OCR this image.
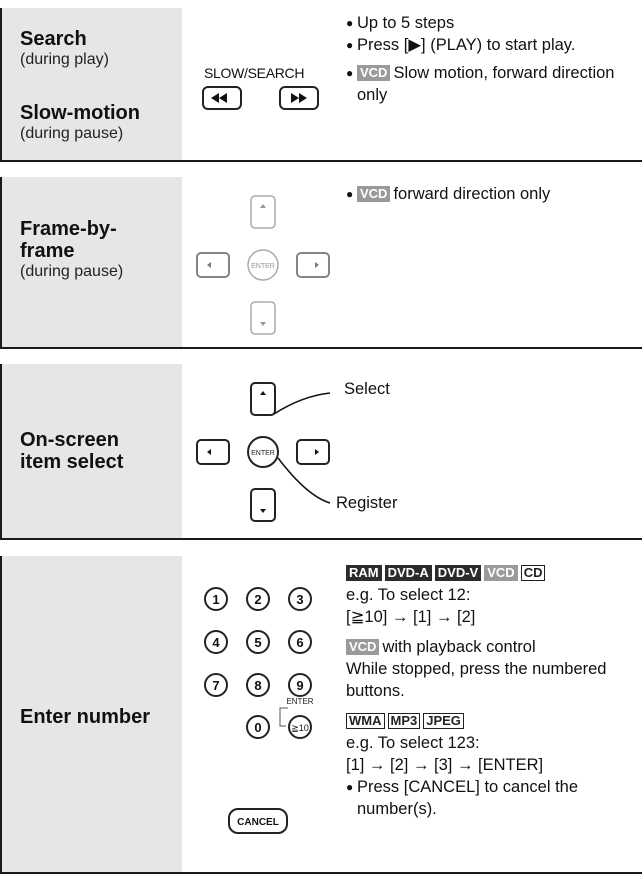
Search
(during play)
Slow-motion
(during pause)
SLOW/SEARCH
● Up to 5 steps
● Press [▶] (PLAY) to start play.
● VCD Slow motion, forward direction only
Frame-by-frame
(during pause)	ENTER
● VCD forward direction only
On-screen
item select	ENTER
Select
Register
Enter number
1	2	3
4	5	6
7	8	9
0	≧10
ENTER
CANCEL
RAM DVD-A DVD-V VCD CD
e.g. To select 12:
[≧10] → [1] → [2]
VCD with playback control
While stopped, press the numbered buttons.
WMA MP3 JPEG
e.g. To select 123:
[1] → [2] → [3] → [ENTER]
● Press [CANCEL] to cancel the number(s).
